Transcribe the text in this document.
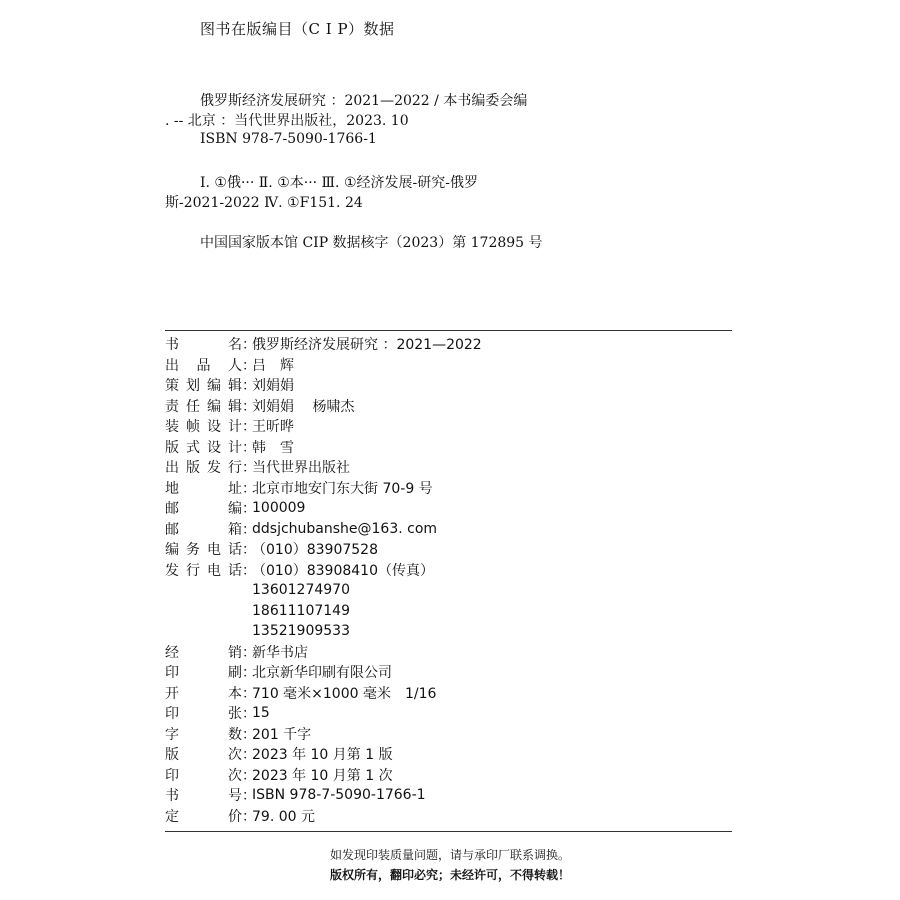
图书在版编目（C I P）数据
俄罗斯经济发展研究 ：2021—2022 / 本书编委会编
. -- 北京 ：当代世界出版社，2023. 10
ISBN 978-7-5090-1766-1
Ⅰ. ①俄··· Ⅱ. ①本··· Ⅲ. ①经济发展-研究-俄罗
斯-2021-2022 Ⅳ. ①F151. 24
中国国家版本馆 CIP 数据核字（2023）第 172895 号
书	名 ：
俄罗斯经济发展研究 ：2021—2022
出 品 人 ：
吕　辉
策 划 编 辑 ：
刘娟娟
责 任 编 辑 ：
刘娟娟　 杨啸杰
装 帧 设 计 ：
王昕晔
版 式 设 计 ：
韩　雪
出 版 发 行 ：
当代世界出版社
地	址 ：
北京市地安门东大街 70-9 号
邮	编 ：
100009
邮	箱 ：
ddsjchubanshe@163. com
编 务 电 话 ：
（010）83907528
发 行 电 话 ：
（010）83908410（传真）
13601274970
18611107149
13521909533
经	销 ：
新华书店
印	刷 ：
北京新华印刷有限公司
开	本 ：
710 毫米×1000 毫米　1/16
印	张 ：
15
字	数 ：
201 千字
版	次 ：
2023 年 10 月第 1 版
印	次 ：
2023 年 10 月第 1 次
书	号 ：
ISBN 978-7-5090-1766-1
定	价 ：
79. 00 元
如发现印装质量问题，请与承印厂联系调换。
版权所有，翻印必究；未经许可，不得转载！
